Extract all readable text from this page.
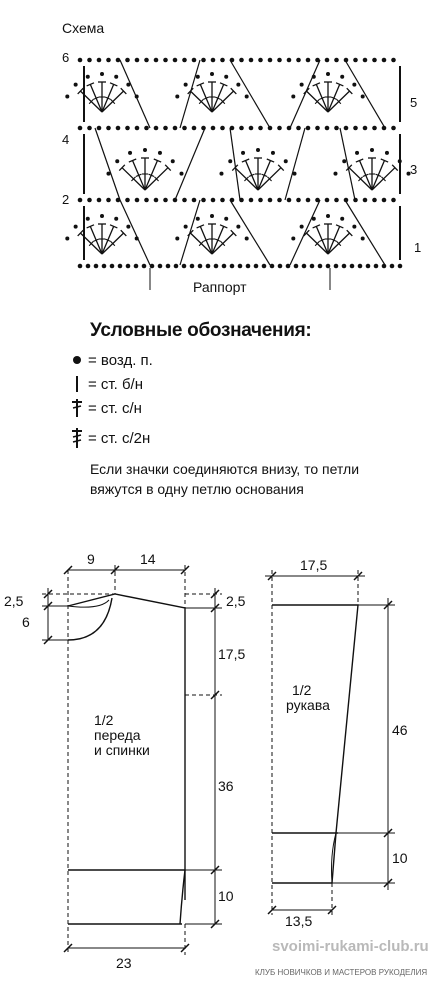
Схема
6
5
4
3
2
1
Раппорт
Условные обозначения:
= возд. п.
= ст. б/н
= ст. с/н
= ст. с/2н
Если значки соединяются внизу, то петли
вяжутся в одну петлю основания
9	14
2,5
6
2,5
17,5
36
10
23
1/2
переда
и спинки
17,5
46
10
13,5
1/2
рукава
svoimi-rukami-club.ru
КЛУБ НОВИЧКОВ И МАСТЕРОВ РУКОДЕЛИЯ
